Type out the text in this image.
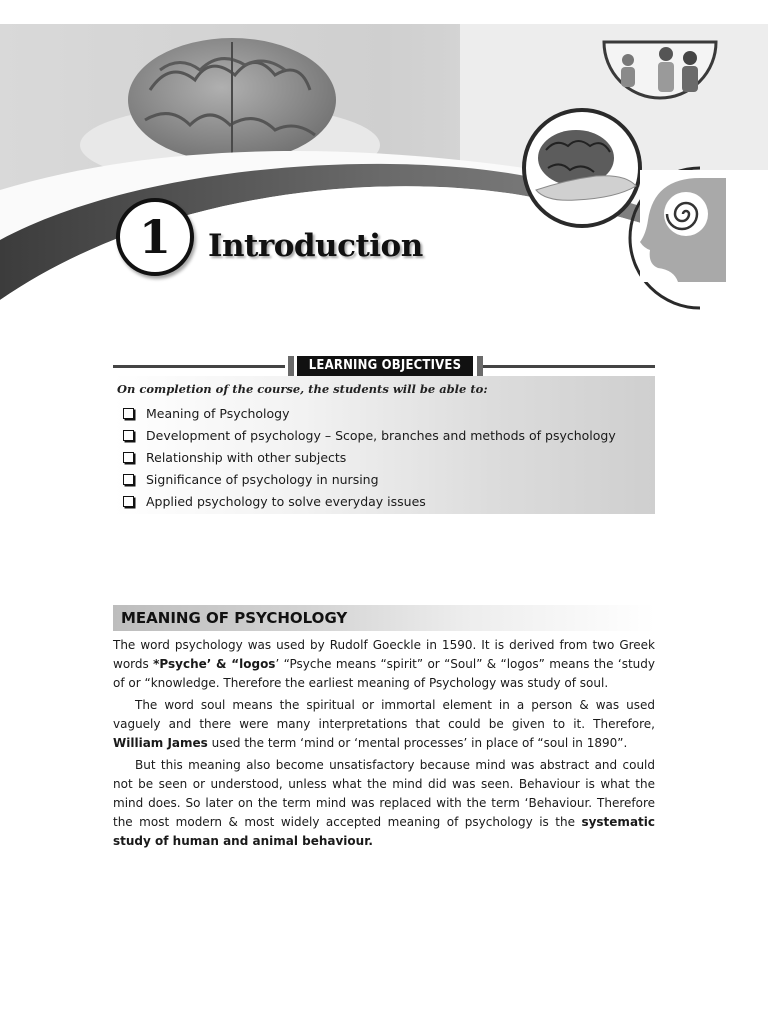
1	Introduction
LEARNING OBJECTIVES
On completion of the course, the students will be able to:
Meaning of Psychology
Development of psychology – Scope, branches and methods of psychology
Relationship with other subjects
Significance of psychology in nursing
Applied psychology to solve everyday issues
MEANING OF PSYCHOLOGY

The word psychology was used by Rudolf Goeckle in 1590. It is derived from two Greek words *Psyche’ & “logos’ “Psyche means “spirit” or “Soul” & “logos” means the ‘study of or “knowledge. Therefore the earliest meaning of Psychology was study of soul.

The word soul means the spiritual or immortal element in a person & was used vaguely and there were many interpretations that could be given to it. Therefore, William James used the term ‘mind or ‘mental processes’ in place of “soul in 1890”.

But this meaning also become unsatisfactory because mind was abstract and could not be seen or understood, unless what the mind did was seen. Behaviour is what the mind does. So later on the term mind was replaced with the term ‘Behaviour. Therefore the most modern & most widely accepted meaning of psychology is the systematic study of human and animal behaviour.
